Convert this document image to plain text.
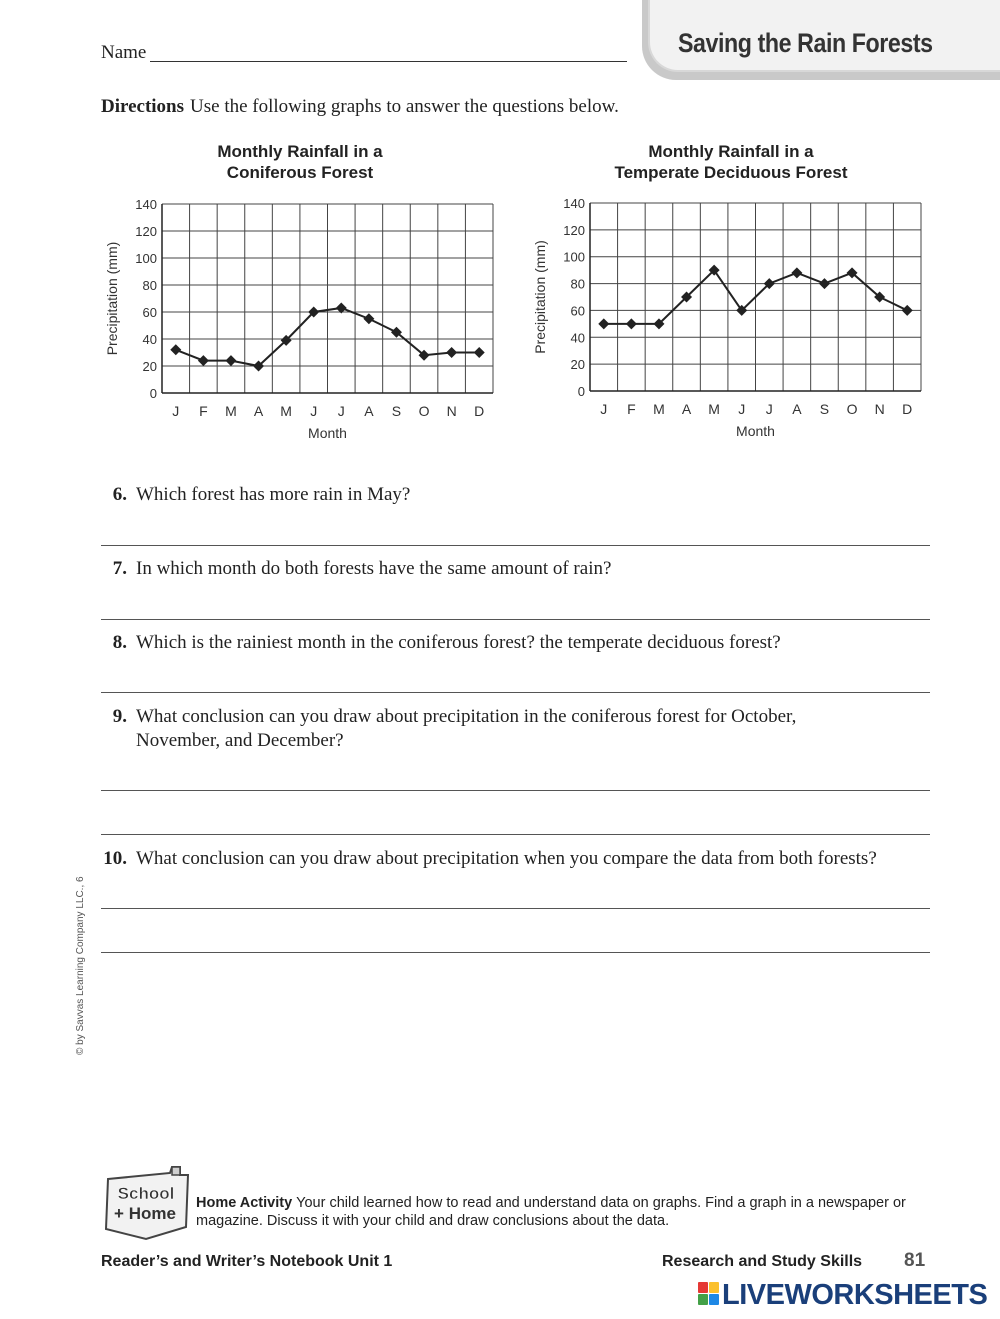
Saving the Rain Forests
Name
Directions Use the following graphs to answer the questions below.
Monthly Rainfall in a
Coniferous Forest
0
20
40
60
80
100
120
140
J F M A M J J A S O N D
Month
Precipitation (mm)
Monthly Rainfall in a
Temperate Deciduous Forest
0
20
40
60
80
100
120
140
J F M A M J J A S O N D
Month
Precipitation (mm)
6. Which forest has more rain in May?
7. In which month do both forests have the same amount of rain?
8. Which is the rainiest month in the coniferous forest? the temperate deciduous forest?
9. What conclusion can you draw about precipitation in the coniferous forest for October,
November, and December?
10. What conclusion can you draw about precipitation when you compare the data from both forests?
© by Savvas Learning Company LLC., 6
School
+ Home
Home Activity Your child learned how to read and understand data on graphs. Find a graph in a newspaper or magazine. Discuss it with your child and draw conclusions about the data.
Reader’s and Writer’s Notebook Unit 1	Research and Study Skills 81
LIVEWORKSHEETS
